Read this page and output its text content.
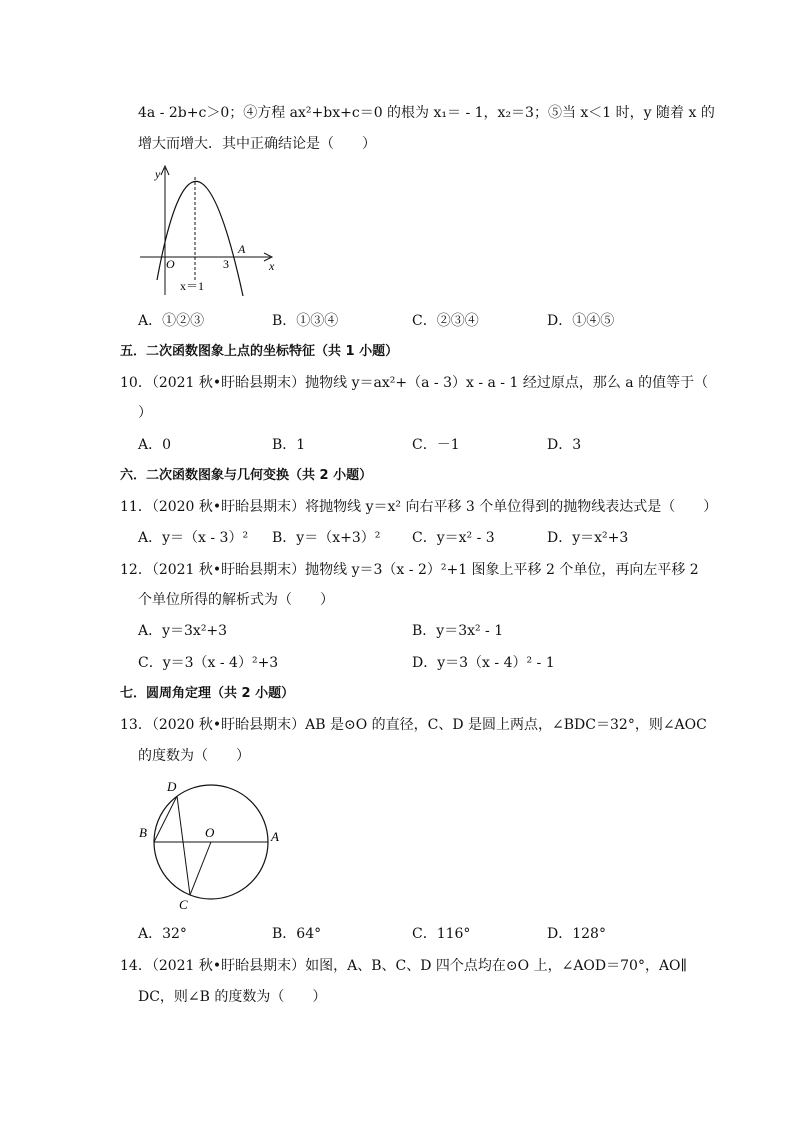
4a - 2b+c＞0；④方程 ax²+bx+c＝0 的根为 x₁＝ - 1，x₂＝3；⑤当 x＜1 时，y 随着 x 的
增大而增大．其中正确结论是（　　）
y
x
O	3
A
x＝1
A．①②③	B．①③④	C．②③④	D．①④⑤
五．二次函数图象上点的坐标特征（共 1 小题）
10．（2021 秋•盱眙县期末）抛物线 y＝ax²+（a - 3）x - a - 1 经过原点，那么 a 的值等于（
）
A．0	B．1	C．－1	D．3
六．二次函数图象与几何变换（共 2 小题）
11．（2020 秋•盱眙县期末）将抛物线 y＝x² 向右平移 3 个单位得到的抛物线表达式是（　　）
A．y＝（x - 3）² B．y＝（x+3）² C．y＝x² - 3	D．y＝x²+3
12．（2021 秋•盱眙县期末）抛物线 y＝3（x - 2）²+1 图象上平移 2 个单位，再向左平移 2
个单位所得的解析式为（　　）
A．y＝3x²+3	B．y＝3x² - 1
C．y＝3（x - 4）²+3	D．y＝3（x - 4）² - 1
七．圆周角定理（共 2 小题）
13．（2020 秋•盱眙县期末）AB 是⊙O 的直径，C、D 是圆上两点，∠BDC＝32°，则∠AOC
的度数为（　　）
D
B	O	A
C
A．32°	B．64°	C．116°	D．128°
14．（2021 秋•盱眙县期末）如图，A、B、C、D 四个点均在⊙O 上，∠AOD＝70°，AO∥
DC，则∠B 的度数为（　　）
